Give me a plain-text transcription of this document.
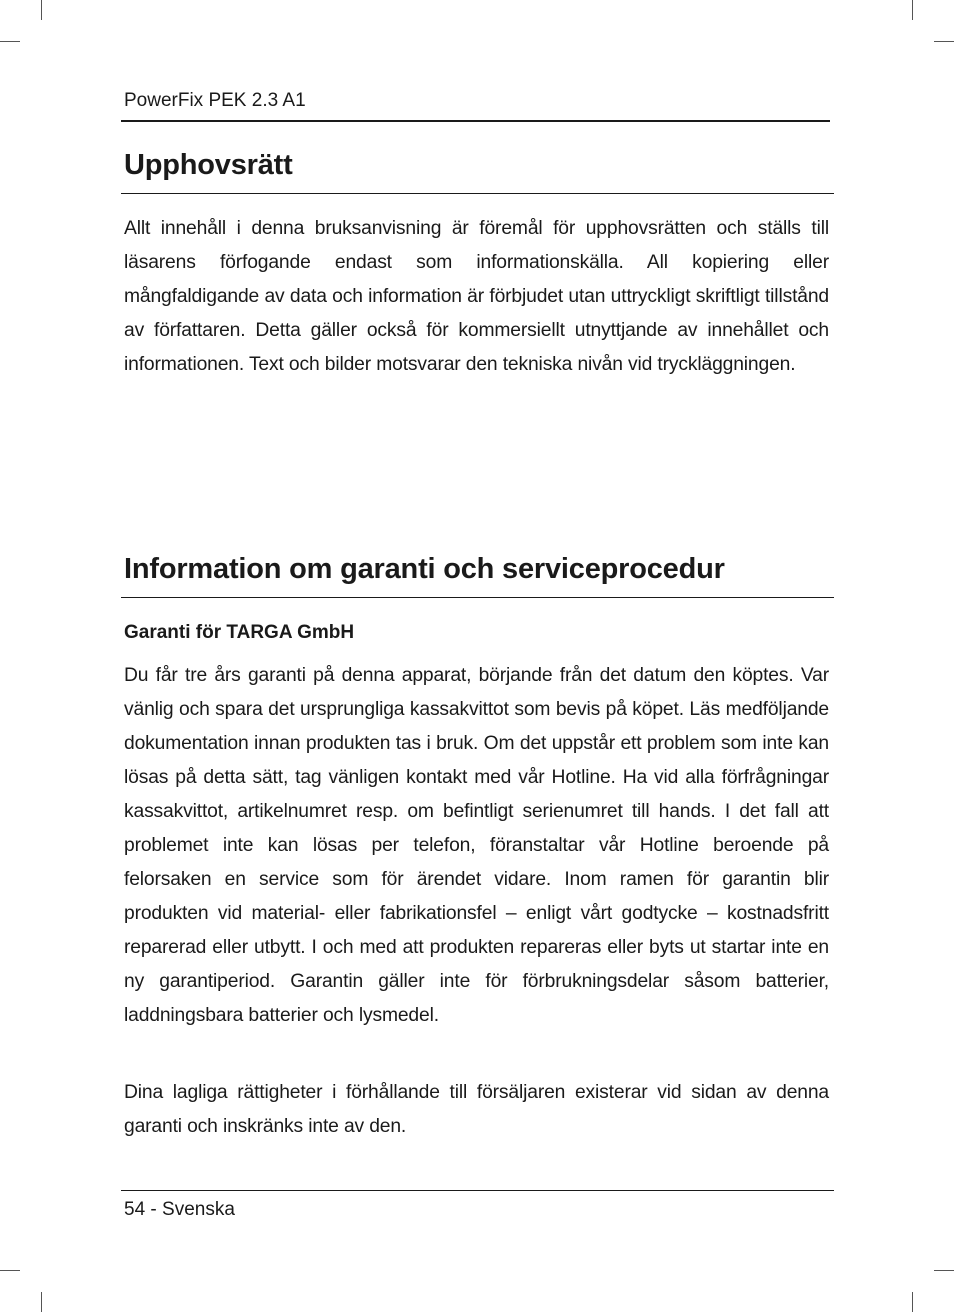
PowerFix PEK 2.3 A1
Upphovsrätt

Allt innehåll i denna bruksanvisning är föremål för upphovsrätten och ställs till läsarens förfogande endast som informationskälla. All kopiering eller mångfaldigande av data och information är förbjudet utan uttryckligt skriftligt tillstånd av författaren. Detta gäller också för kommersiellt utnyttjande av innehållet och informationen. Text och bilder motsvarar den tekniska nivån vid tryckläggningen.

Information om garanti och serviceprocedur
Garanti för TARGA GmbH

Du får tre års garanti på denna apparat, börjande från det datum den köptes. Var vänlig och spara det ursprungliga kassakvittot som bevis på köpet. Läs medföljande dokumentation innan produkten tas i bruk. Om det uppstår ett problem som inte kan lösas på detta sätt, tag vänligen kontakt med vår Hotline. Ha vid alla förfrågningar kassakvittot, artikelnumret resp. om befintligt serienumret till hands. I det fall att problemet inte kan lösas per telefon, föranstaltar vår Hotline beroende på felorsaken en service som för ärendet vidare. Inom ramen för garantin blir produkten vid material- eller fabrikationsfel – enligt vårt godtycke – kostnadsfritt reparerad eller utbytt. I och med att produkten repareras eller byts ut startar inte en ny garantiperiod. Garantin gäller inte för förbrukningsdelar såsom batterier, laddningsbara batterier och lysmedel.

Dina lagliga rättigheter i förhållande till försäljaren existerar vid sidan av denna garanti och inskränks inte av den.

54 - Svenska
